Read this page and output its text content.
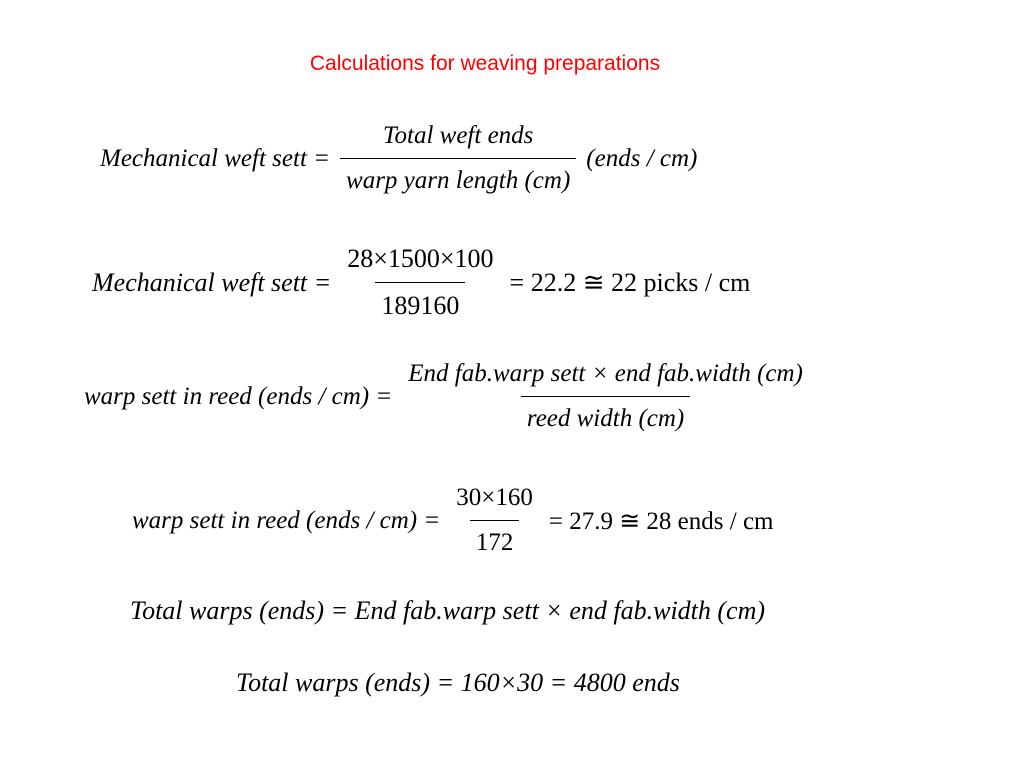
Calculations for weaving preparations
Mechanical weft sett = $\frac{\text{Total weft ends}}{\text{warp yarn length (cm)}}$ (ends / cm)
Mechanical weft sett = $\frac{28\times 1500\times 100}{189160} = 22.2$ ≅ 22 picks / cm
warp sett in reed (ends / $cm) = \frac{\text{End fab.warp sett × end fab.width (cm)}}{\text{reed width (cm)}}$
warp sett in reed (ends / $cm) = \frac{30\times 160}{172} = 27.9$ ≅ 28 ends / cm
Total warps (ends) = End fab.warp sett × end fab.width (cm)
Total warps (ends) = 160×30 = 4800 ends
